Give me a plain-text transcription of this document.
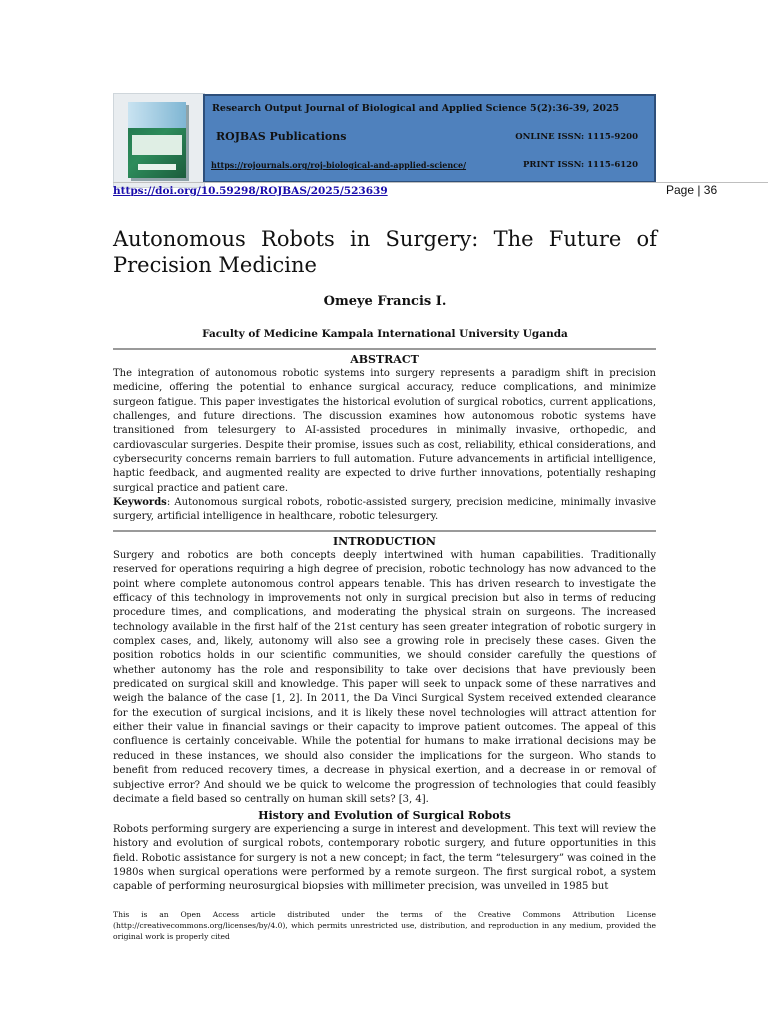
Research Output Journal of Biological and Applied Science 5(2):36-39, 2025
ROJBAS Publications	ONLINE ISSN: 1115-9200
https://rojournals.org/roj-biological-and-applied-science/	PRINT ISSN: 1115-6120
https://doi.org/10.59298/ROJBAS/2025/523639	Page | 36
Autonomous Robots in Surgery: The Future of
Precision Medicine
Omeye Francis I.
Faculty of Medicine Kampala International University Uganda
ABSTRACT
The integration of autonomous robotic systems into surgery represents a paradigm shift in precision medicine, offering the potential to enhance surgical accuracy, reduce complications, and minimize surgeon fatigue. This paper investigates the historical evolution of surgical robotics, current applications, challenges, and future directions. The discussion examines how autonomous robotic systems have transitioned from telesurgery to AI-assisted procedures in minimally invasive, orthopedic, and cardiovascular surgeries. Despite their promise, issues such as cost, reliability, ethical considerations, and cybersecurity concerns remain barriers to full automation. Future advancements in artificial intelligence, haptic feedback, and augmented reality are expected to drive further innovations, potentially reshaping surgical practice and patient care.
Keywords: Autonomous surgical robots, robotic-assisted surgery, precision medicine, minimally invasive surgery, artificial intelligence in healthcare, robotic telesurgery.
INTRODUCTION
Surgery and robotics are both concepts deeply intertwined with human capabilities. Traditionally reserved for operations requiring a high degree of precision, robotic technology has now advanced to the point where complete autonomous control appears tenable. This has driven research to investigate the efficacy of this technology in improvements not only in surgical precision but also in terms of reducing procedure times, and complications, and moderating the physical strain on surgeons. The increased technology available in the first half of the 21st century has seen greater integration of robotic surgery in complex cases, and, likely, autonomy will also see a growing role in precisely these cases. Given the position robotics holds in our scientific communities, we should consider carefully the questions of whether autonomy has the role and responsibility to take over decisions that have previously been predicated on surgical skill and knowledge. This paper will seek to unpack some of these narratives and weigh the balance of the case [1, 2]. In 2011, the Da Vinci Surgical System received extended clearance for the execution of surgical incisions, and it is likely these novel technologies will attract attention for either their value in financial savings or their capacity to improve patient outcomes. The appeal of this confluence is certainly conceivable. While the potential for humans to make irrational decisions may be reduced in these instances, we should also consider the implications for the surgeon. Who stands to benefit from reduced recovery times, a decrease in physical exertion, and a decrease in or removal of subjective error? And should we be quick to welcome the progression of technologies that could feasibly decimate a field based so centrally on human skill sets? [3, 4].
History and Evolution of Surgical Robots
Robots performing surgery are experiencing a surge in interest and development. This text will review the history and evolution of surgical robots, contemporary robotic surgery, and future opportunities in this field. Robotic assistance for surgery is not a new concept; in fact, the term “telesurgery” was coined in the 1980s when surgical operations were performed by a remote surgeon. The first surgical robot, a system capable of performing neurosurgical biopsies with millimeter precision, was unveiled in 1985 but
This is an Open Access article distributed under the terms of the Creative Commons Attribution License (http://creativecommons.org/licenses/by/4.0), which permits unrestricted use, distribution, and reproduction in any medium, provided the original work is properly cited
